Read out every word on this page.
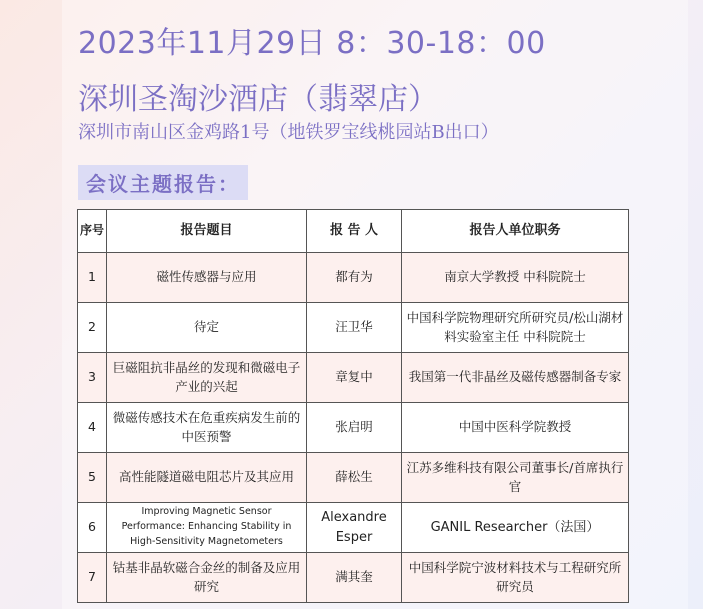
2023年11月29日 8：30-18：00
深圳圣淘沙酒店（翡翠店）
深圳市南山区金鸡路1号（地铁罗宝线桃园站B出口）
会议主题报告：
序号	报告题目	报 告 人	报告人单位职务
1	磁性传感器与应用	都有为	南京大学教授 中科院院士
2	待定	汪卫华	中国科学院物理研究所研究员/松山湖材料实验室主任 中科院院士
3	巨磁阻抗非晶丝的发现和微磁电子产业的兴起	章复中	我国第一代非晶丝及磁传感器制备专家
4	微磁传感技术在危重疾病发生前的中医预警	张启明	中国中医科学院教授
5	高性能隧道磁电阻芯片及其应用	薛松生	江苏多维科技有限公司董事长/首席执行官
6	Improving Magnetic Sensor Performance: Enhancing Stability in High-Sensitivity Magnetometers	Alexandre Esper	GANIL Researcher（法国）
7	钴基非晶软磁合金丝的制备及应用研究	满其奎	中国科学院宁波材料技术与工程研究所 研究员
